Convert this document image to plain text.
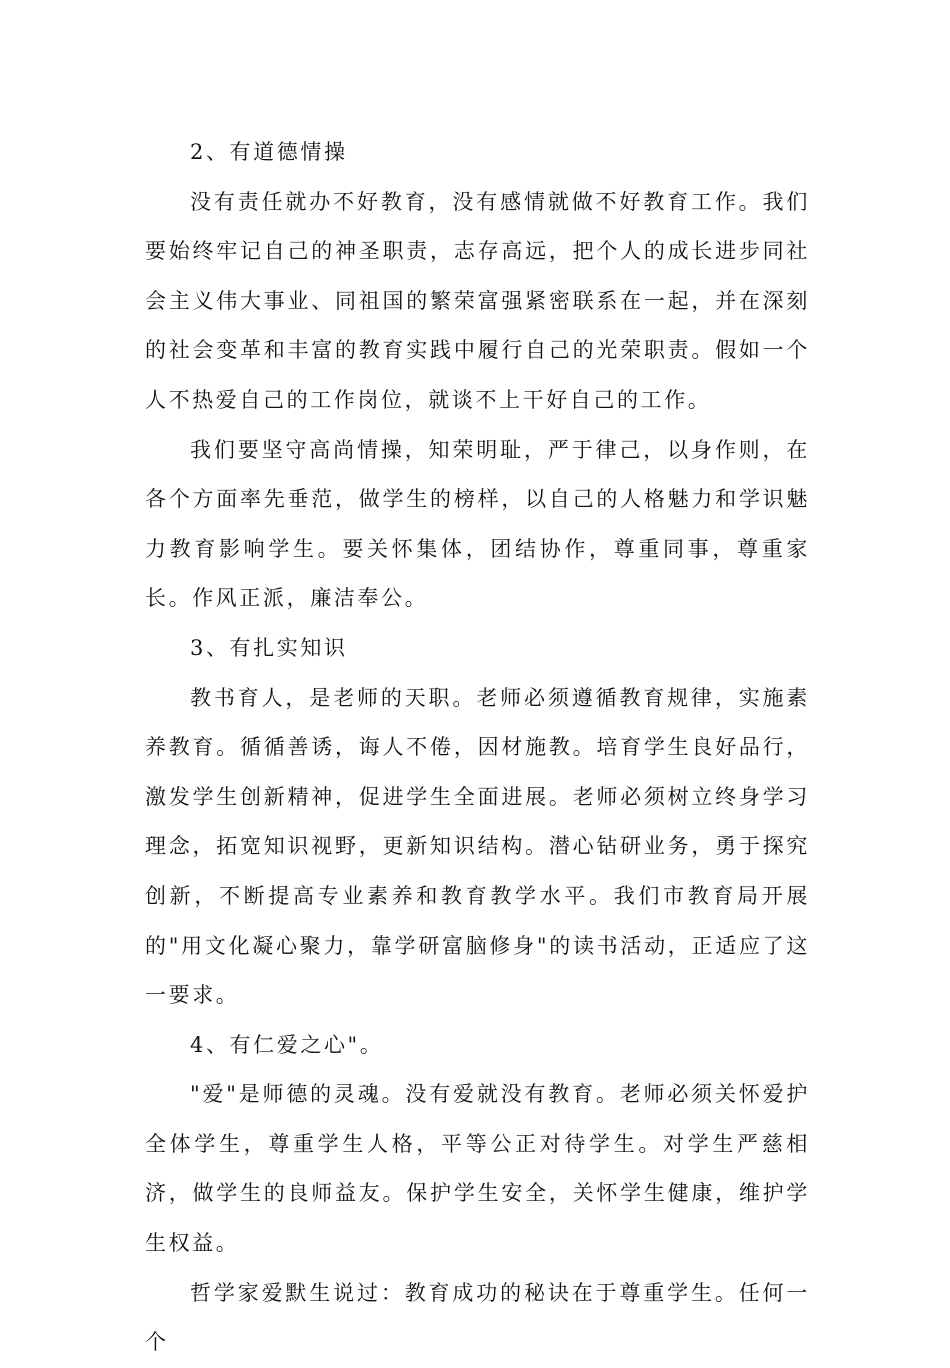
2、有道德情操

没有责任就办不好教育，没有感情就做不好教育工作。我们要始终牢记自己的神圣职责，志存高远，把个人的成长进步同社会主义伟大事业、同祖国的繁荣富强紧密联系在一起，并在深刻的社会变革和丰富的教育实践中履行自己的光荣职责。假如一个人不热爱自己的工作岗位，就谈不上干好自己的工作。

我们要坚守高尚情操，知荣明耻，严于律己，以身作则，在各个方面率先垂范，做学生的榜样，以自己的人格魅力和学识魅力教育影响学生。要关怀集体，团结协作，尊重同事，尊重家长。作风正派，廉洁奉公。

3、有扎实知识

教书育人，是老师的天职。老师必须遵循教育规律，实施素养教育。循循善诱，诲人不倦，因材施教。培育学生良好品行，激发学生创新精神，促进学生全面进展。老师必须树立终身学习理念，拓宽知识视野，更新知识结构。潜心钻研业务，勇于探究创新，不断提高专业素养和教育教学水平。我们市教育局开展的"用文化凝心聚力，靠学研富脑修身"的读书活动，正适应了这一要求。

4、有仁爱之心"。

"爱"是师德的灵魂。没有爱就没有教育。老师必须关怀爱护全体学生，尊重学生人格，平等公正对待学生。对学生严慈相济，做学生的良师益友。保护学生安全，关怀学生健康，维护学生权益。

哲学家爱默生说过：教育成功的秘诀在于尊重学生。任何一个
